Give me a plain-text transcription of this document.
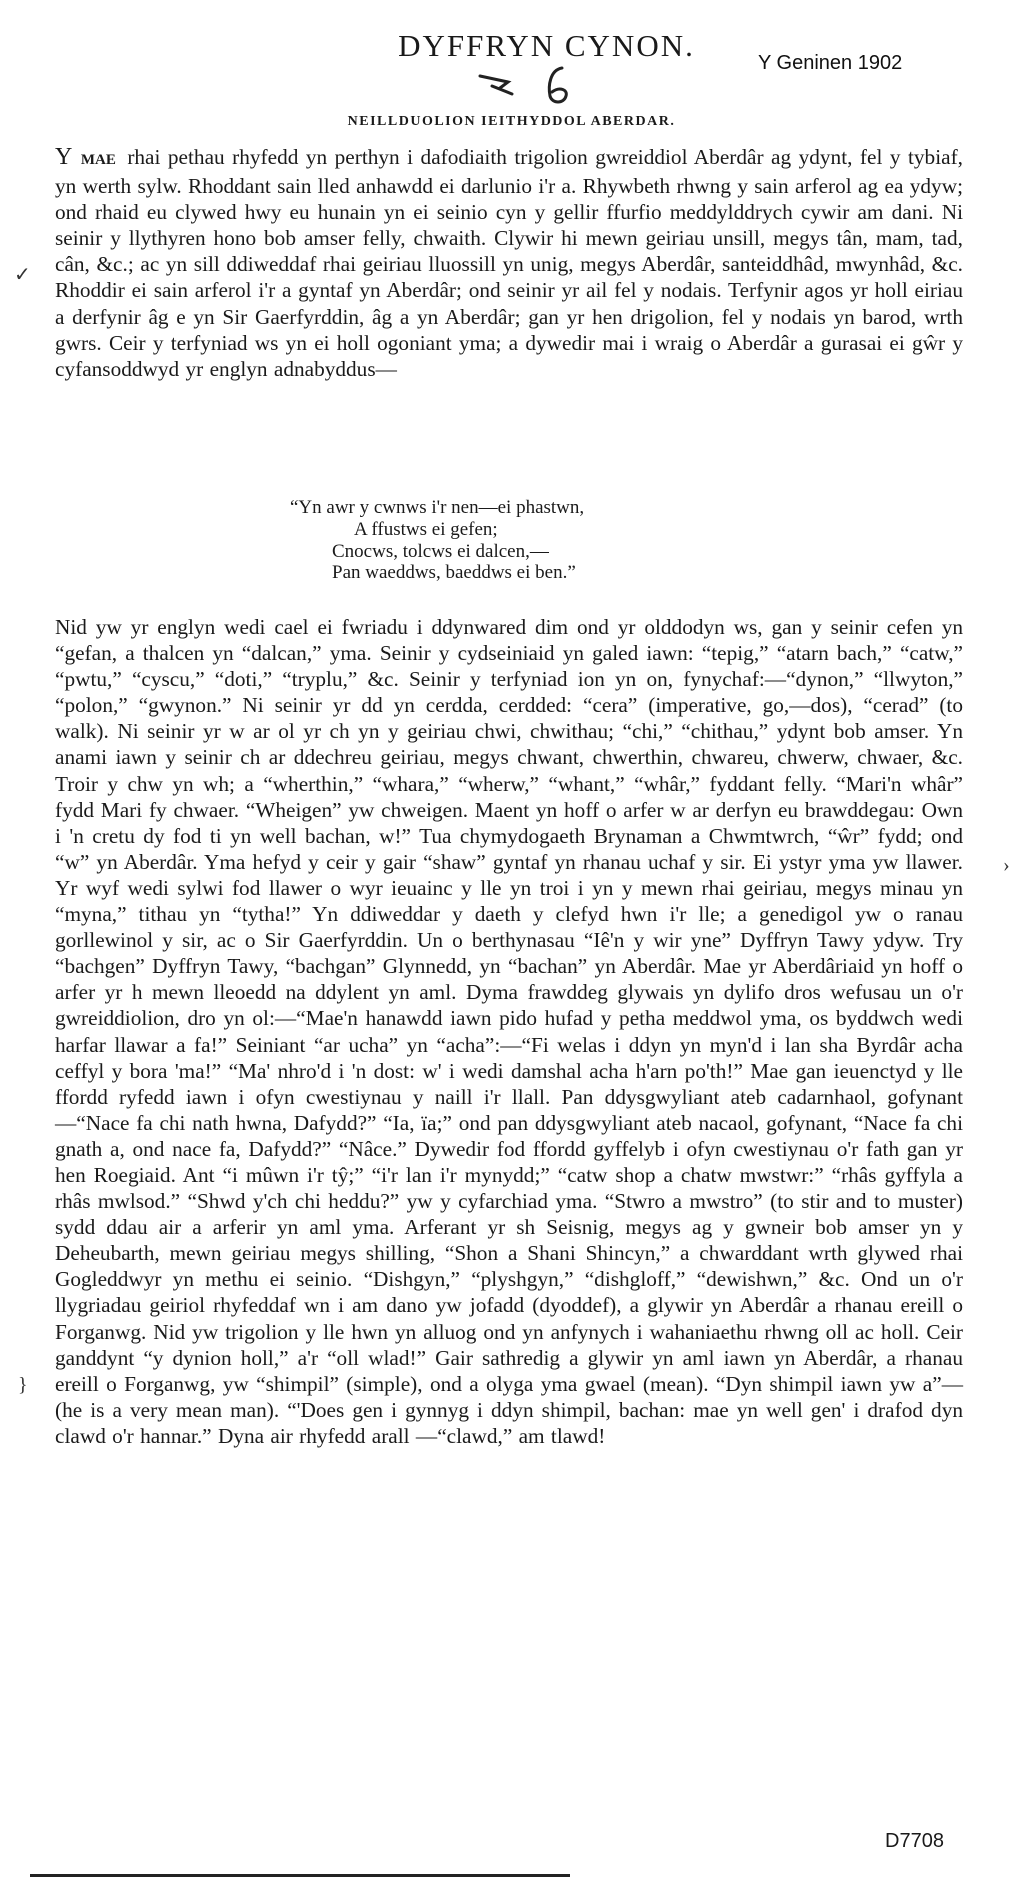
DYFFRYN CYNON.	Y Geninen 1902
NEILLDUOLION IEITHYDDOL ABERDAR.
Y MAE rhai pethau rhyfedd yn perthyn i dafodiaith trigolion gwreiddiol Aberdâr ag ydynt, fel y tybiaf, yn werth sylw. Rhoddant sain lled anhawdd ei darlunio i'r a. Rhywbeth rhwng y sain arferol ag ea ydyw; ond rhaid eu clywed hwy eu hunain yn ei seinio cyn y gellir ffurfio meddylddrych cywir am dani. Ni seinir y llythyren hono bob amser felly, chwaith. Clywir hi mewn geiriau unsill, megys tân, mam, tad, cân, &c.; ac yn sill ddiweddaf rhai geiriau lluossill yn unig, megys Aberdâr, santeiddhâd, mwynhâd, &c. Rhoddir ei sain arferol i'r a gyntaf yn Aberdâr; ond seinir yr ail fel y nodais. Terfynir agos yr holl eiriau a derfynir âg e yn Sir Gaerfyrddin, âg a yn Aberdâr; gan yr hen drigolion, fel y nodais yn barod, wrth gwrs. Ceir y terfyniad ws yn ei holl ogoniant yma; a dywedir mai i wraig o Aberdâr a gurasai ei gŵr y cyfansoddwyd yr englyn adnabyddus—
“Yn awr y cwnws i'r nen—ei phastwn,
A ffustws ei gefen;
Cnocws, tolcws ei dalcen,—
Pan waeddws, baeddws ei ben.”
Nid yw yr englyn wedi cael ei fwriadu i ddynwared dim ond yr olddodyn ws, gan y seinir cefen yn “gefan, a thalcen yn “dalcan,” yma. Seinir y cydseiniaid yn galed iawn: “tepig,” “atarn bach,” “catw,” “pwtu,” “cyscu,” “doti,” “tryplu,” &c. Seinir y terfyniad ion yn on, fynychaf:—“dynon,” “llwyton,” “polon,” “gwynon.” Ni seinir yr dd yn cerdda, cerdded: “cera” (imperative, go,—dos), “cerad” (to walk). Ni seinir yr w ar ol yr ch yn y geiriau chwi, chwithau; “chi,” “chithau,” ydynt bob amser. Yn anami iawn y seinir ch ar ddechreu geiriau, megys chwant, chwerthin, chwareu, chwerw, chwaer, &c. Troir y chw yn wh; a “wherthin,” “whara,” “wherw,” “whant,” “whâr,” fyddant felly. “Mari'n whâr” fydd Mari fy chwaer. “Wheigen” yw chweigen. Maent yn hoff o arfer w ar derfyn eu brawddegau: Own i 'n cretu dy fod ti yn well bachan, w!” Tua chymydogaeth Brynaman a Chwmtwrch, “ŵr” fydd; ond “w” yn Aberdâr. Yma hefyd y ceir y gair “shaw” gyntaf yn rhanau uchaf y sir. Ei ystyr yma yw llawer. Yr wyf wedi sylwi fod llawer o wyr ieuainc y lle yn troi i yn y mewn rhai geiriau, megys minau yn “myna,” tithau yn “tytha!” Yn ddiweddar y daeth y clefyd hwn i'r lle; a genedigol yw o ranau gorllewinol y sir, ac o Sir Gaerfyrddin. Un o berthynasau “Iê'n y wir yne” Dyffryn Tawy ydyw. Try “bachgen” Dyffryn Tawy, “bachgan” Glynnedd, yn “bachan” yn Aberdâr. Mae yr Aberdâriaid yn hoff o arfer yr h mewn lleoedd na ddylent yn aml. Dyma frawddeg glywais yn dylifo dros wefusau un o'r gwreiddiolion, dro yn ol:—“Mae'n hanawdd iawn pido hufad y petha meddwol yma, os byddwch wedi harfar llawar a fa!” Seiniant “ar ucha” yn “acha”:—“Fi welas i ddyn yn myn'd i lan sha Byrdâr acha ceffyl y bora 'ma!” “Ma' nhro'd i 'n dost: w' i wedi damshal acha h'arn po'th!” Mae gan ieuenctyd y lle ffordd ryfedd iawn i ofyn cwestiynau y naill i'r llall. Pan ddysgwyliant ateb cadarnhaol, gofynant —“Nace fa chi nath hwna, Dafydd?” “Ia, ïa;” ond pan ddysgwyliant ateb nacaol, gofynant, “Nace fa chi gnath a, ond nace fa, Dafydd?” “Nâce.” Dywedir fod ffordd gyffelyb i ofyn cwestiynau o'r fath gan yr hen Roegiaid. Ant “i mûwn i'r tŷ;” “i'r lan i'r mynydd;” “catw shop a chatw mwstwr:” “rhâs gyffyla a rhâs mwlsod.” “Shwd y'ch chi heddu?” yw y cyfarchiad yma. “Stwro a mwstro” (to stir and to muster) sydd ddau air a arferir yn aml yma. Arferant yr sh Seisnig, megys ag y gwneir bob amser yn y Deheubarth, mewn geiriau megys shilling, “Shon a Shani Shincyn,” a chwarddant wrth glywed rhai Gogleddwyr yn methu ei seinio. “Dishgyn,” “plyshgyn,” “dishgloff,” “dewishwn,” &c. Ond un o'r llygriadau geiriol rhyfeddaf wn i am dano yw jofadd (dyoddef), a glywir yn Aberdâr a rhanau ereill o Forganwg. Nid yw trigolion y lle hwn yn alluog ond yn anfynych i wahaniaethu rhwng oll ac holl. Ceir ganddynt “y dynion holl,” a'r “oll wlad!” Gair sathredig a glywir yn aml iawn yn Aberdâr, a rhanau ereill o Forganwg, yw “shimpil” (simple), ond a olyga yma gwael (mean). “Dyn shimpil iawn yw a”—(he is a very mean man). “'Does gen i gynnyg i ddyn shimpil, bachan: mae yn well gen' i drafod dyn clawd o'r hannar.” Dyna air rhyfedd arall —“clawd,” am tlawd!
✓
›
}
D7708
